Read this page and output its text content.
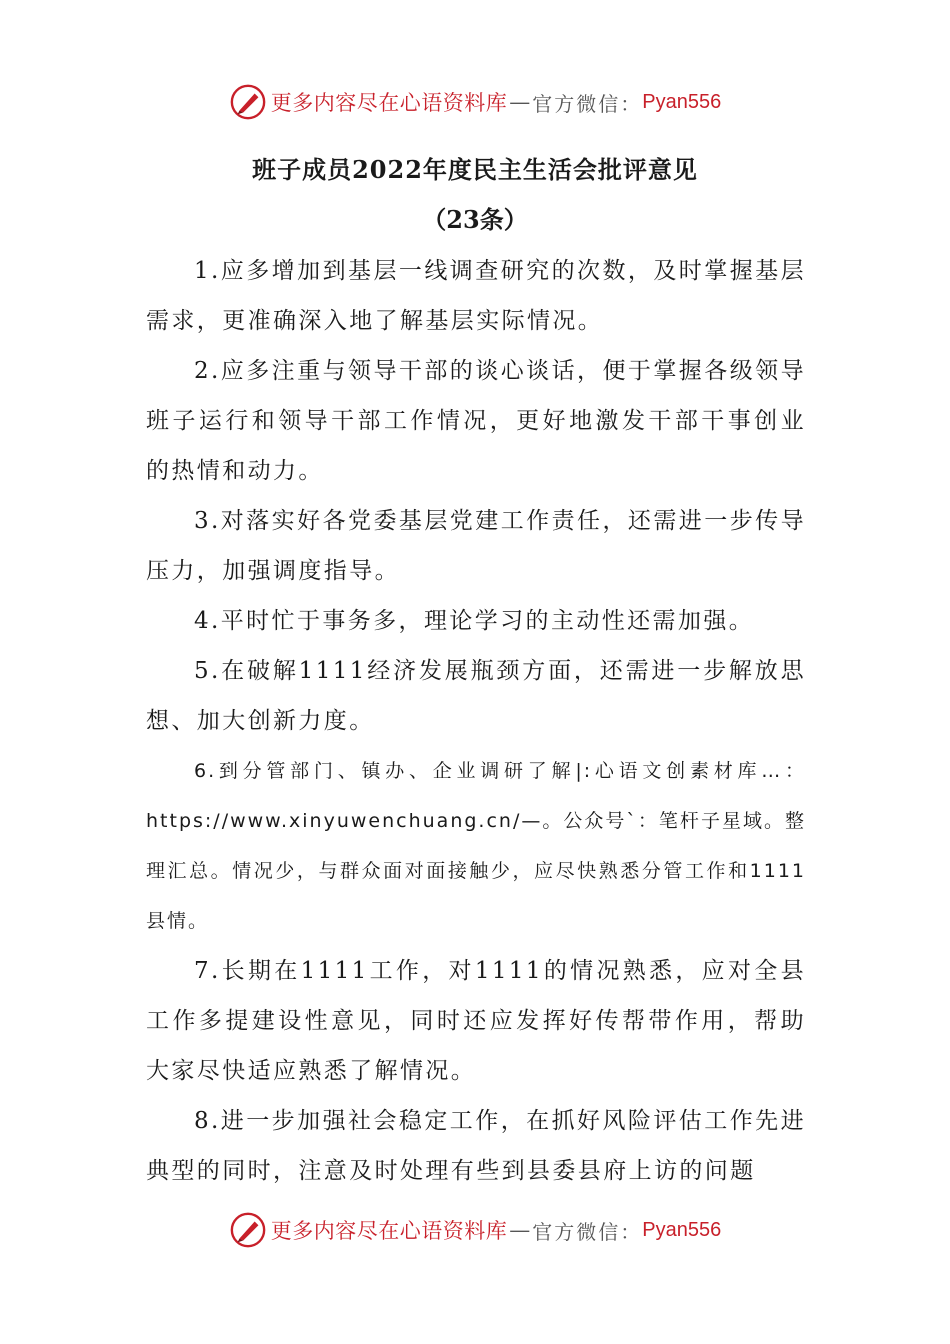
更多内容尽在心语资料库 — 官方微信： Pyan556
班子成员2022年度民主生活会批评意见
（23条）

1.应多增加到基层一线调查研究的次数，及时掌握基层需求，更准确深入地了解基层实际情况。

2.应多注重与领导干部的谈心谈话，便于掌握各级领导班子运行和领导干部工作情况，更好地激发干部干事创业的热情和动力。

3.对落实好各党委基层党建工作责任，还需进一步传导压力，加强调度指导。

4.平时忙于事务多，理论学习的主动性还需加强。

5.在破解1111经济发展瓶颈方面，还需进一步解放思想、加大创新力度。

6.到分管部门、镇办、企业调研了解|:心语文创素材库…：https://www.xinyuwenchuang.cn/—。公众号`：笔杆子星域。整理汇总。情况少，与群众面对面接触少，应尽快熟悉分管工作和1111县情。

7.长期在1111工作，对1111的情况熟悉，应对全县工作多提建设性意见，同时还应发挥好传帮带作用，帮助大家尽快适应熟悉了解情况。

8.进一步加强社会稳定工作，在抓好风险评估工作先进典型的同时，注意及时处理有些到县委县府上访的问题

更多内容尽在心语资料库 — 官方微信： Pyan556
